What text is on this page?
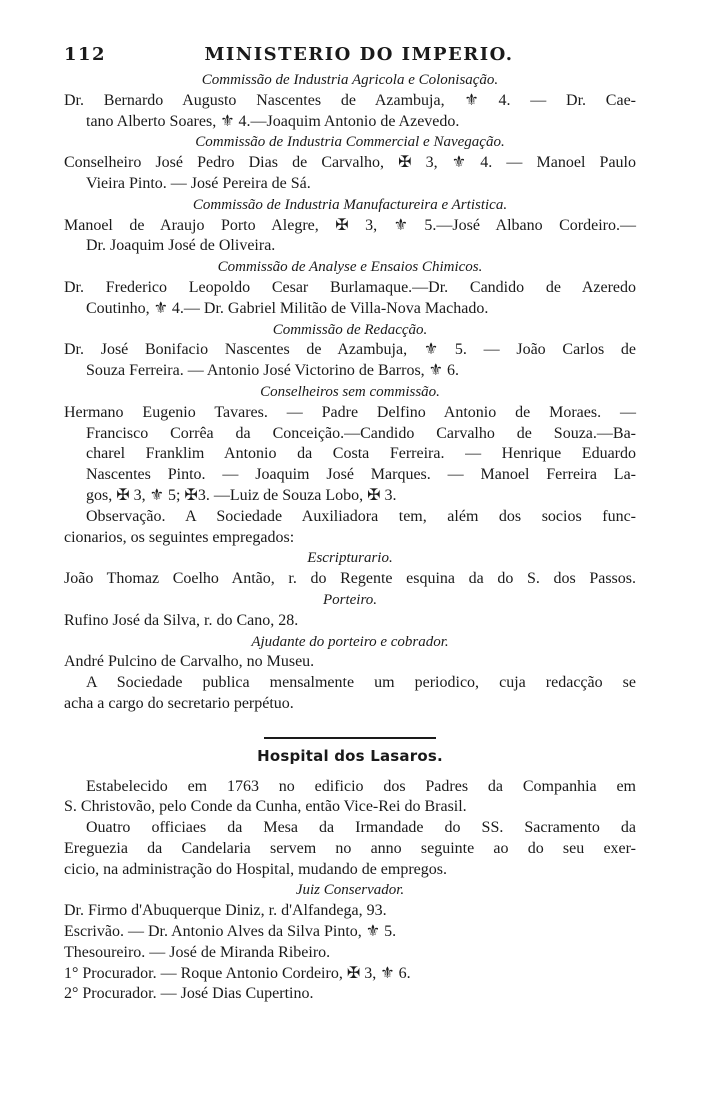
112	MINISTERIO DO IMPERIO.
Commissão de Industria Agricola e Colonisação.
Dr. Bernardo Augusto Nascentes de Azambuja, ⚜ 4. — Dr. Cae-
tano Alberto Soares, ⚜ 4.—Joaquim Antonio de Azevedo.
Commissão de Industria Commercial e Navegação.
Conselheiro José Pedro Dias de Carvalho, ✠ 3, ⚜ 4. — Manoel Paulo
Vieira Pinto. — José Pereira de Sá.
Commissão de Industria Manufactureira e Artistica.
Manoel de Araujo Porto Alegre, ✠ 3, ⚜ 5.—José Albano Cordeiro.—
Dr. Joaquim José de Oliveira.
Commissão de Analyse e Ensaios Chimicos.
Dr. Frederico Leopoldo Cesar Burlamaque.—Dr. Candido de Azeredo
Coutinho, ⚜ 4.— Dr. Gabriel Militão de Villa-Nova Machado.
Commissão de Redacção.
Dr. José Bonifacio Nascentes de Azambuja, ⚜ 5. — João Carlos de
Souza Ferreira. — Antonio José Victorino de Barros, ⚜ 6.
Conselheiros sem commissão.
Hermano Eugenio Tavares. — Padre Delfino Antonio de Moraes. —
Francisco Corrêa da Conceição.—Candido Carvalho de Souza.—Ba-
charel Franklim Antonio da Costa Ferreira. — Henrique Eduardo
Nascentes Pinto. — Joaquim José Marques. — Manoel Ferreira La-
gos, ✠ 3, ⚜ 5; ✠3. —Luiz de Souza Lobo, ✠ 3.
Observação. A Sociedade Auxiliadora tem, além dos socios func-
cionarios, os seguintes empregados:
Escripturario.
João Thomaz Coelho Antão, r. do Regente esquina da do S. dos Passos.
Porteiro.
Rufino José da Silva, r. do Cano, 28.
Ajudante do porteiro e cobrador.
André Pulcino de Carvalho, no Museu.
A Sociedade publica mensalmente um periodico, cuja redacção se
acha a cargo do secretario perpétuo.
Hospital dos Lasaros.
Estabelecido em 1763 no edificio dos Padres da Companhia em
S. Christovão, pelo Conde da Cunha, então Vice-Rei do Brasil.
Ouatro officiaes da Mesa da Irmandade do SS. Sacramento da
Ereguezia da Candelaria servem no anno seguinte ao do seu exer-
cicio, na administração do Hospital, mudando de empregos.
Juiz Conservador.
Dr. Firmo d'Abuquerque Diniz, r. d'Alfandega, 93.
Escrivão. — Dr. Antonio Alves da Silva Pinto, ⚜ 5.
Thesoureiro. — José de Miranda Ribeiro.
1° Procurador. — Roque Antonio Cordeiro, ✠ 3, ⚜ 6.
2° Procurador. — José Dias Cupertino.
